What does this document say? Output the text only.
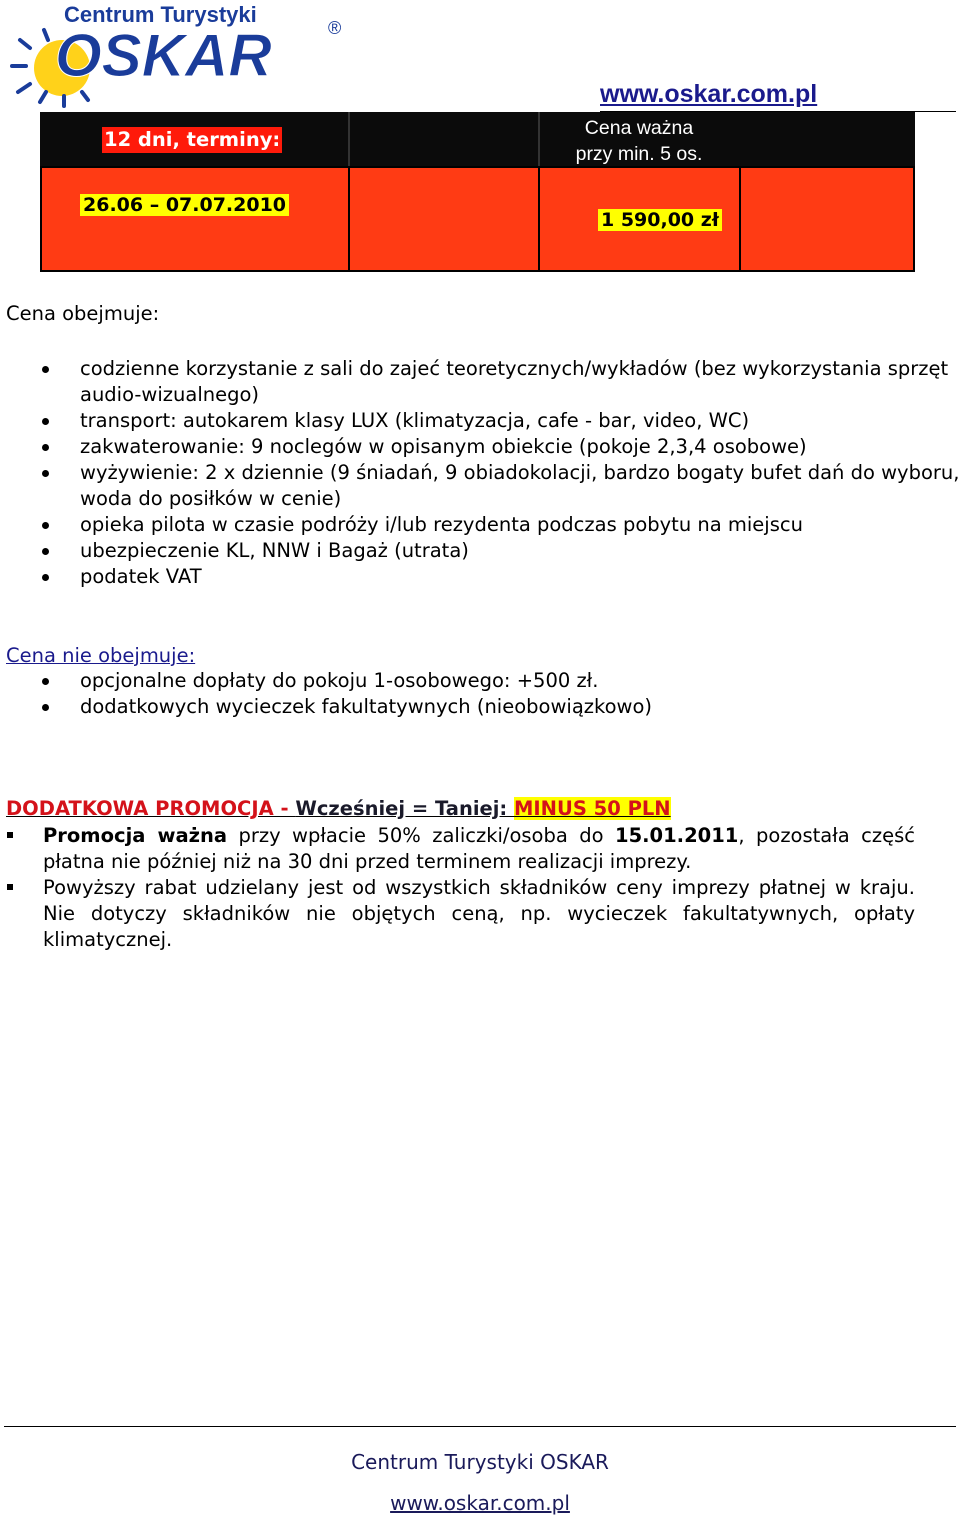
Centrum Turystyki
OSKAR	®
www.oskar.com.pl
12 dni, terminy:	Cena ważna
przy min. 5 os.
26.06 – 07.07.2010
1 590,00 zł
Cena obejmuje:
codzienne korzystanie z sali do zajeć teoretycznych/wykładów (bez wykorzystania sprzęt audio-wizualnego)
transport: autokarem klasy LUX (klimatyzacja, cafe - bar, video, WC)
zakwaterowanie: 9 noclegów w opisanym obiekcie (pokoje 2,3,4 osobowe)
wyżywienie: 2 x dziennie (9 śniadań, 9 obiadokolacji, bardzo bogaty bufet dań do wyboru, woda do posiłków w cenie)
opieka pilota w czasie podróży i/lub rezydenta podczas pobytu na miejscu
ubezpieczenie KL, NNW i Bagaż (utrata)
podatek VAT
Cena nie obejmuje:
opcjonalne dopłaty do pokoju 1-osobowego: +500 zł.
dodatkowych wycieczek fakultatywnych (nieobowiązkowo)
DODATKOWA PROMOCJA - Wcześniej = Taniej: MINUS 50 PLN
Promocja ważna przy wpłacie 50% zaliczki/osoba do 15.01.2011, pozostała część płatna nie później niż na 30 dni przed terminem realizacji imprezy.
Powyższy rabat udzielany jest od wszystkich składników ceny imprezy płatnej w kraju. Nie dotyczy składników nie objętych ceną, np. wycieczek fakultatywnych, opłaty klimatycznej.
Centrum Turystyki OSKAR
www.oskar.com.pl
